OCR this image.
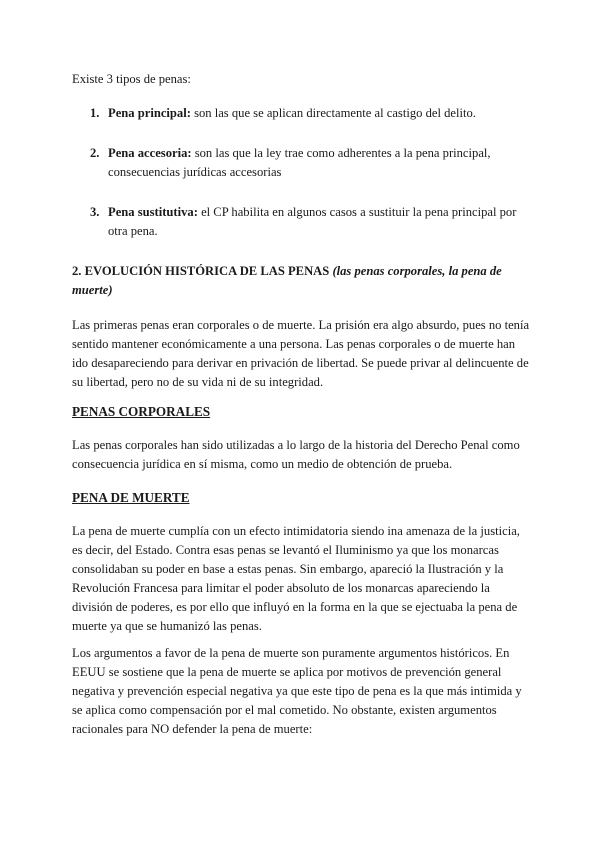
Existe 3 tipos de penas:

1. Pena principal: son las que se aplican directamente al castigo del delito.
2. Pena accesoria: son las que la ley trae como adherentes a la pena principal, consecuencias jurídicas accesorias
3. Pena sustitutiva: el CP habilita en algunos casos a sustituir la pena principal por otra pena.

2. EVOLUCIÓN HISTÓRICA DE LAS PENAS (las penas corporales, la pena de muerte)

Las primeras penas eran corporales o de muerte. La prisión era algo absurdo, pues no tenía sentido mantener económicamente a una persona. Las penas corporales o de muerte han ido desapareciendo para derivar en privación de libertad. Se puede privar al delincuente de su libertad, pero no de su vida ni de su integridad.

PENAS CORPORALES

Las penas corporales han sido utilizadas a lo largo de la historia del Derecho Penal como consecuencia jurídica en sí misma, como un medio de obtención de prueba.

PENA DE MUERTE

La pena de muerte cumplía con un efecto intimidatoria siendo ina amenaza de la justicia, es decir, del Estado. Contra esas penas se levantó el Iluminismo ya que los monarcas consolidaban su poder en base a estas penas. Sin embargo, apareció la Ilustración y la Revolución Francesa para limitar el poder absoluto de los monarcas apareciendo la división de poderes, es por ello que influyó en la forma en la que se ejectuaba la pena de muerte ya que se humanizó las penas.

Los argumentos a favor de la pena de muerte son puramente argumentos históricos. En EEUU se sostiene que la pena de muerte se aplica por motivos de prevención general negativa y prevención especial negativa ya que este tipo de pena es la que más intimida y se aplica como compensación por el mal cometido. No obstante, existen argumentos racionales para NO defender la pena de muerte:
